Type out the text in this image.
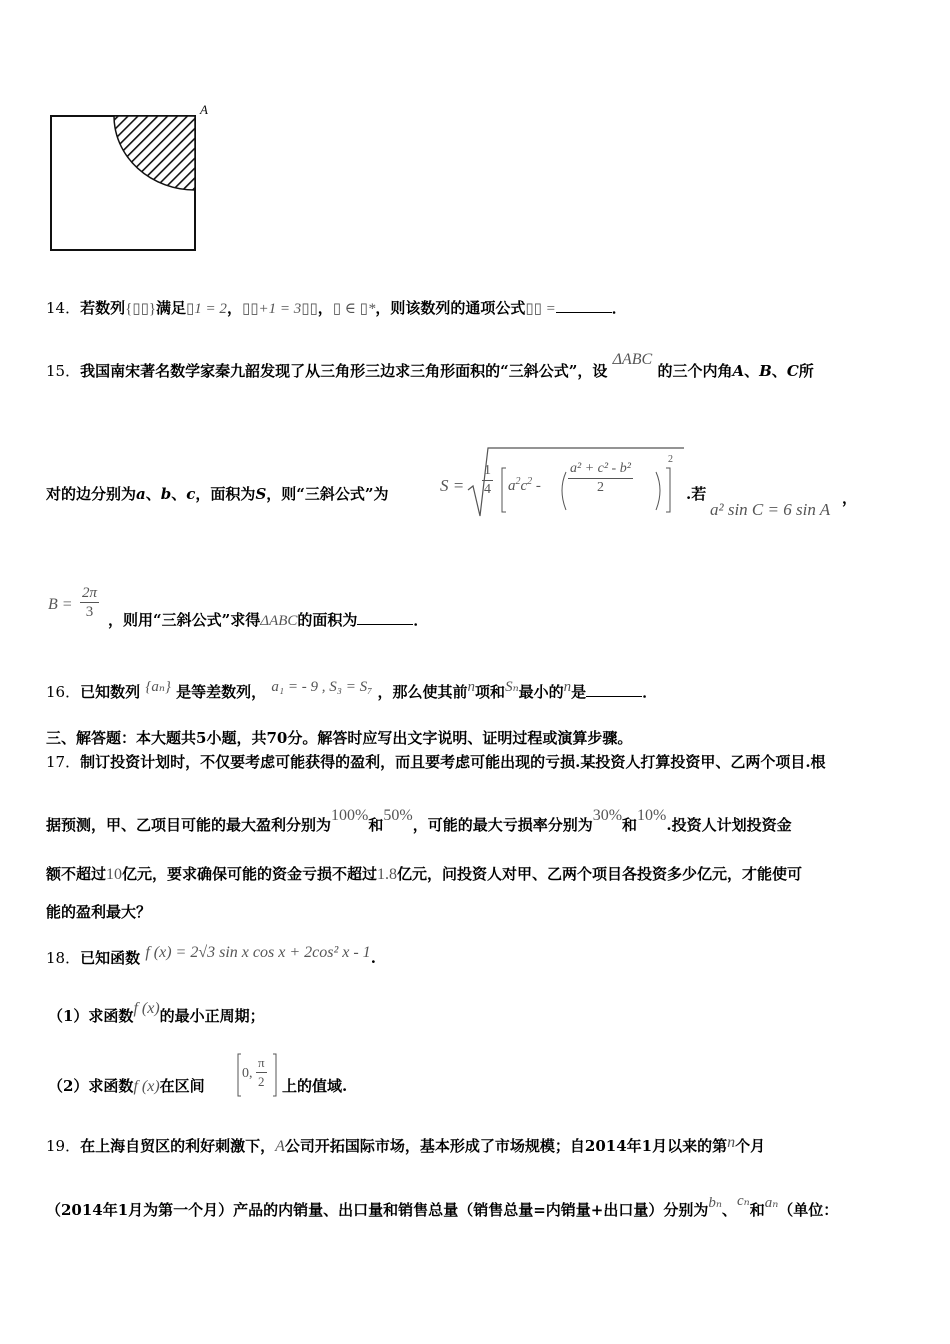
A
14．若数列{▯▯}满足▯1 = 2，▯▯+1 = 3▯▯，▯ ∈ ▯*，则该数列的通项公式▯▯ =	．
15．我国南宋著名数学家秦九韶发现了从三角形三边求三角形面积的“三斜公式”，设 ΔABC 的三个内角A、B、C所
对的边分别为a、b、c，面积为S，则“三斜公式”为	$S = \frac{1}{4} a^2c^2 - \frac{\text{a² + c² - b²}}{2}$
2
.若
a² sin C = 6 sin A
，
$B = \frac{2\pi}{3}$ ，则用“三斜公式”求得ΔABC的面积为	．
16．已知数列 {aₙ} 是等差数列， a₁ = - 9 , S₃ = S₇ ，那么使其前n项和Sₙ最小的n是	．
三、解答题：本大题共5小题，共70分。解答时应写出文字说明、证明过程或演算步骤。
17．制订投资计划时，不仅要考虑可能获得的盈利，而且要考虑可能出现的亏损.某投资人打算投资甲、乙两个项目.根
据预测，甲、乙项目可能的最大盈利分别为100%和50%，可能的最大亏损率分别为30%和10%.投资人计划投资金
额不超过10亿元，要求确保可能的资金亏损不超过1.8亿元，问投资人对甲、乙两个项目各投资多少亿元，才能使可
能的盈利最大？
18．已知函数 f (x) = 2√3 sin x cos x + 2cos² x - 1.
（1）求函数f (x)的最小正周期；
（2）求函数f (x)在区间
0, $\frac{\pi}{2}$ 上的值域.
19．在上海自贸区的利好刺激下，A公司开拓国际市场，基本形成了市场规模；自2014年1月以来的第n个月
（2014年1月为第一个月）产品的内销量、出口量和销售总量（销售总量=内销量+出口量）分别为bₙ、cₙ和aₙ（单位：
